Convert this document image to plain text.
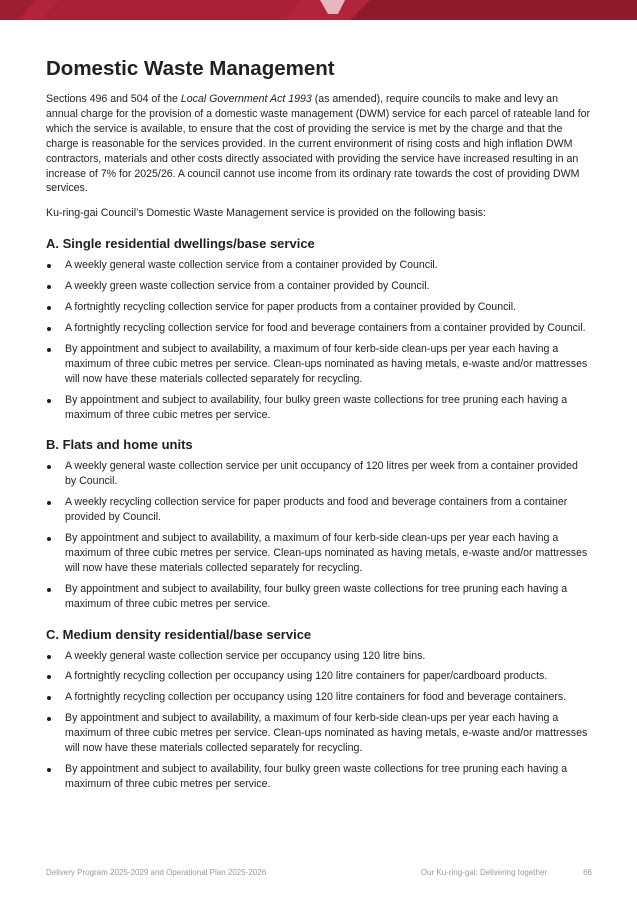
Domestic Waste Management

Sections 496 and 504 of the Local Government Act 1993 (as amended), require councils to make and levy an annual charge for the provision of a domestic waste management (DWM) service for each parcel of rateable land for which the service is available, to ensure that the cost of providing the service is met by the charge and that the charge is reasonable for the services provided. In the current environment of rising costs and high inflation DWM contractors, materials and other costs directly associated with providing the service have increased resulting in an increase of 7% for 2025/26. A council cannot use income from its ordinary rate towards the cost of providing DWM services.

Ku-ring-gai Council’s Domestic Waste Management service is provided on the following basis:

A. Single residential dwellings/base service
A weekly general waste collection service from a container provided by Council.
A weekly green waste collection service from a container provided by Council.
A fortnightly recycling collection service for paper products from a container provided by Council.
A fortnightly recycling collection service for food and beverage containers from a container provided by Council.
By appointment and subject to availability, a maximum of four kerb-side clean-ups per year each having a maximum of three cubic metres per service. Clean-ups nominated as having metals, e-waste and/or mattresses will now have these materials collected separately for recycling.
By appointment and subject to availability, four bulky green waste collections for tree pruning each having a maximum of three cubic metres per service.
B. Flats and home units
A weekly general waste collection service per unit occupancy of 120 litres per week from a container provided by Council.
A weekly recycling collection service for paper products and food and beverage containers from a container provided by Council.
By appointment and subject to availability, a maximum of four kerb-side clean-ups per year each having a maximum of three cubic metres per service. Clean-ups nominated as having metals, e-waste and/or mattresses will now have these materials collected separately for recycling.
By appointment and subject to availability, four bulky green waste collections for tree pruning each having a maximum of three cubic metres per service.
C. Medium density residential/base service
A weekly general waste collection service per occupancy using 120 litre bins.
A fortnightly recycling collection per occupancy using 120 litre containers for paper/cardboard products.
A fortnightly recycling collection per occupancy using 120 litre containers for food and beverage containers.
By appointment and subject to availability, a maximum of four kerb-side clean-ups per year each having a maximum of three cubic metres per service. Clean-ups nominated as having metals, e-waste and/or mattresses will now have these materials collected separately for recycling.
By appointment and subject to availability, four bulky green waste collections for tree pruning each having a maximum of three cubic metres per service.
Delivery Program 2025-2029 and Operational Plan 2025-2026	Our Ku-ring-gai: Delivering together	66
